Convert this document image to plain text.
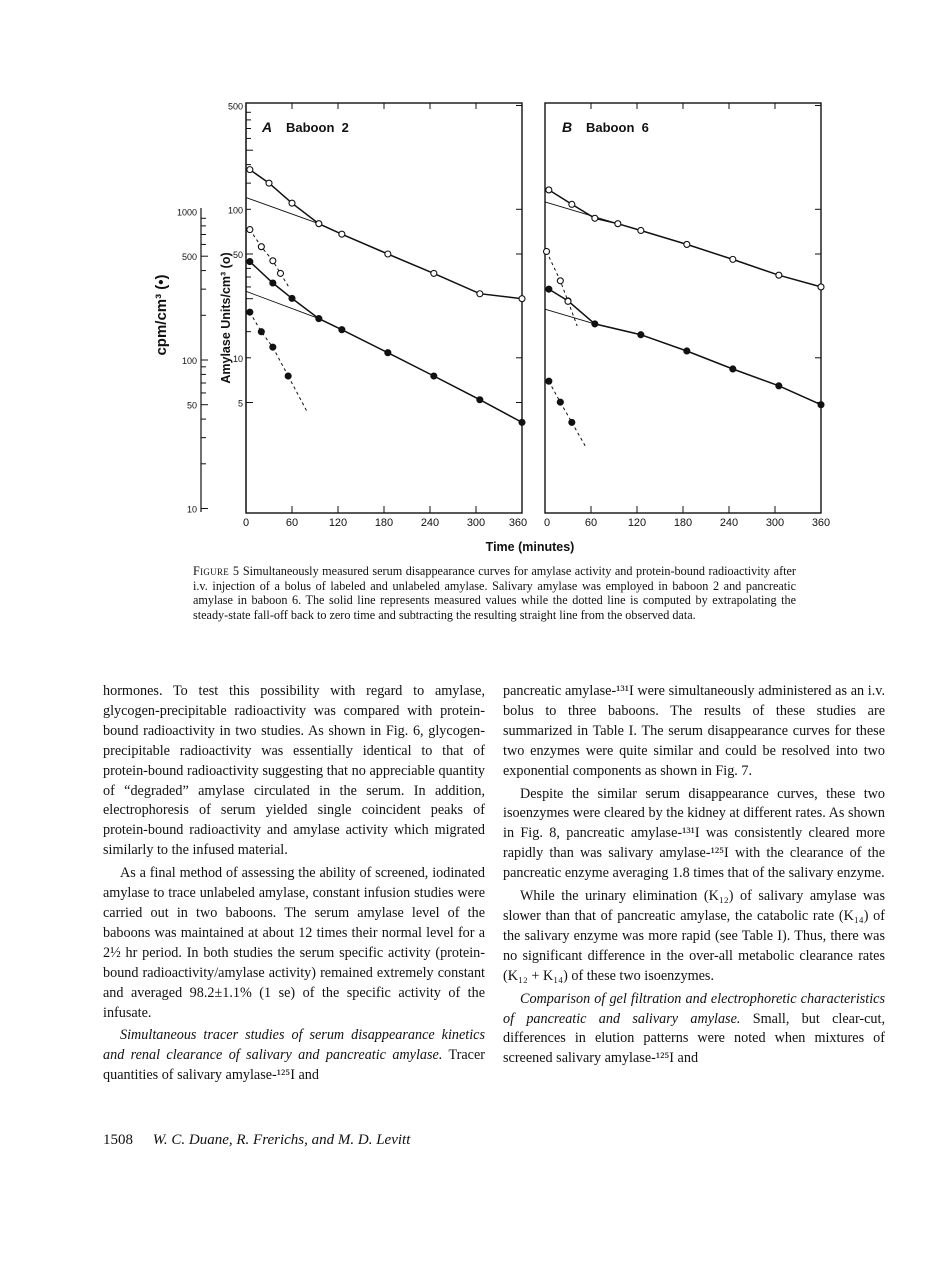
cpm/cm³ (•)	Amylase Units/cm³ (o)
1000
500
100
50
10
500
100
50
10
5
A Baboon  2	B Baboon  6
0	60	120	180	240	300 360 0	60	120	180	240	300	360
Time (minutes)
Figure 5 Simultaneously measured serum disappearance curves for amylase activity and protein-bound radioactivity after i.v. injection of a bolus of labeled and unlabeled amylase. Salivary amylase was employed in baboon 2 and pancreatic amylase in baboon 6. The solid line represents measured values while the dotted line is computed by extrapolating the steady-state fall-off back to zero time and subtracting the resulting straight line from the observed data.

hormones. To test this possibility with regard to amylase, glycogen-precipitable radioactivity was compared with protein-bound radioactivity in two studies. As shown in Fig. 6, glycogen-precipitable radioactivity was essentially identical to that of protein-bound radioactivity suggesting that no appreciable quantity of “degraded” amylase circulated in the serum. In addition, electrophoresis of serum yielded single coincident peaks of protein-bound radioactivity and amylase activity which migrated similarly to the infused material.

As a final method of assessing the ability of screened, iodinated amylase to trace unlabeled amylase, constant infusion studies were carried out in two baboons. The serum amylase level of the baboons was maintained at about 12 times their normal level for a 2½ hr period. In both studies the serum specific activity (protein-bound radioactivity/amylase activity) remained extremely constant and averaged 98.2±1.1% (1 se) of the specific activity of the infusate.

Simultaneous tracer studies of serum disappearance kinetics and renal clearance of salivary and pancreatic amylase. Tracer quantities of salivary amylase-¹²⁵I and

pancreatic amylase-¹³¹I were simultaneously administered as an i.v. bolus to three baboons. The results of these studies are summarized in Table I. The serum disappearance curves for these two enzymes were quite similar and could be resolved into two exponential components as shown in Fig. 7.

Despite the similar serum disappearance curves, these two isoenzymes were cleared by the kidney at different rates. As shown in Fig. 8, pancreatic amylase-¹³¹I was consistently cleared more rapidly than was salivary amylase-¹²⁵I with the clearance of the pancreatic enzyme averaging 1.8 times that of the salivary enzyme.

While the urinary elimination (K₁₂) of salivary amylase was slower than that of pancreatic amylase, the catabolic rate (K₁₄) of the salivary enzyme was more rapid (see Table I). Thus, there was no significant difference in the over-all metabolic clearance rates (K₁₂ + K₁₄) of these two isoenzymes.

Comparison of gel filtration and electrophoretic characteristics of pancreatic and salivary amylase. Small, but clear-cut, differences in elution patterns were noted when mixtures of screened salivary amylase-¹²⁵I and

1508 W. C. Duane, R. Frerichs, and M. D. Levitt
